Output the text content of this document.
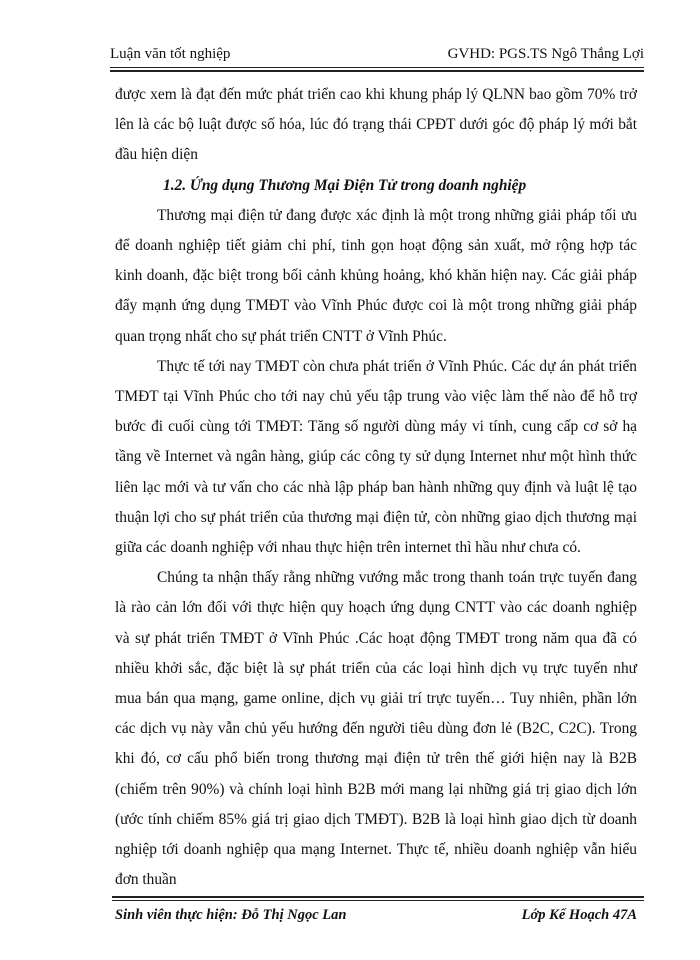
Luận văn tốt nghiệp	GVHD: PGS.TS Ngô Thắng Lợi

được xem là đạt đến mức phát triển cao khi khung pháp lý QLNN bao gồm 70% trở lên là các bộ luật được số hóa, lúc đó trạng thái CPĐT dưới góc độ pháp lý mới bắt đầu hiện diện

1.2. Ứng dụng Thương Mại Điện Tử trong doanh nghiệp

Thương mại điện tử đang được xác định là một trong những giải pháp tối ưu để doanh nghiệp tiết giảm chi phí, tinh gọn hoạt động sản xuất, mở rộng hợp tác kinh doanh, đặc biệt trong bối cảnh khủng hoảng, khó khăn hiện nay. Các giải pháp đẩy mạnh ứng dụng TMĐT vào Vĩnh Phúc được coi là một trong những giải pháp quan trọng nhất cho sự phát triển CNTT ở Vĩnh Phúc.

Thực tế tới nay TMĐT còn chưa phát triển ở Vĩnh Phúc. Các dự án phát triển TMĐT tại Vĩnh Phúc cho tới nay chủ yếu tập trung vào việc làm thế nào để hỗ trợ bước đi cuối cùng tới TMĐT: Tăng số người dùng máy vi tính, cung cấp cơ sở hạ tầng về Internet và ngân hàng, giúp các công ty sử dụng Internet như một hình thức liên lạc mới và tư vấn cho các nhà lập pháp ban hành những quy định và luật lệ tạo thuận lợi cho sự phát triển của thương mại điện tử, còn những giao dịch thương mại giữa các doanh nghiệp với nhau thực hiện trên internet thì hầu như chưa có.

Chúng ta nhận thấy rằng những vướng mắc trong thanh toán trực tuyến đang là rào cản lớn đối với thực hiện quy hoạch ứng dụng CNTT vào các doanh nghiệp và sự phát triển TMĐT ở Vĩnh Phúc .Các hoạt động TMĐT trong năm qua đã có nhiều khởi sắc, đặc biệt là sự phát triển của các loại hình dịch vụ trực tuyến như mua bán qua mạng, game online, dịch vụ giải trí trực tuyến… Tuy nhiên, phần lớn các dịch vụ này vẫn chủ yếu hướng đến người tiêu dùng đơn lẻ (B2C, C2C). Trong khi đó, cơ cấu phổ biến trong thương mại điện tử trên thế giới hiện nay là B2B (chiếm trên 90%) và chính loại hình B2B mới mang lại những giá trị giao dịch lớn (ước tính chiếm 85% giá trị giao dịch TMĐT). B2B là loại hình giao dịch từ doanh nghiệp tới doanh nghiệp qua mạng Internet. Thực tế, nhiều doanh nghiệp vẫn hiểu đơn thuần

Sinh viên thực hiện: Đỗ Thị Ngọc Lan	Lớp Kế Hoạch 47A
